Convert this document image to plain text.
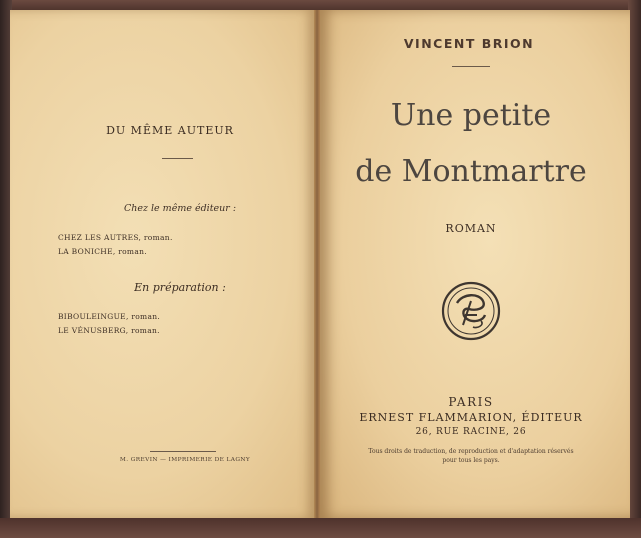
DU MÊME AUTEUR
Chez le même éditeur :
CHEZ LES AUTRES, roman.
LA BONICHE, roman.
En préparation :
BIBOULEINGUE, roman.
LE VÉNUSBERG, roman.
M. GREVIN — IMPRIMERIE DE LAGNY
VINCENT BRION
Une petite
de Montmartre
ROMAN
PARIS
ERNEST FLAMMARION, ÉDITEUR
26, RUE RACINE, 26
Tous droits de traduction, de reproduction et d'adaptation réservés
pour tous les pays.
